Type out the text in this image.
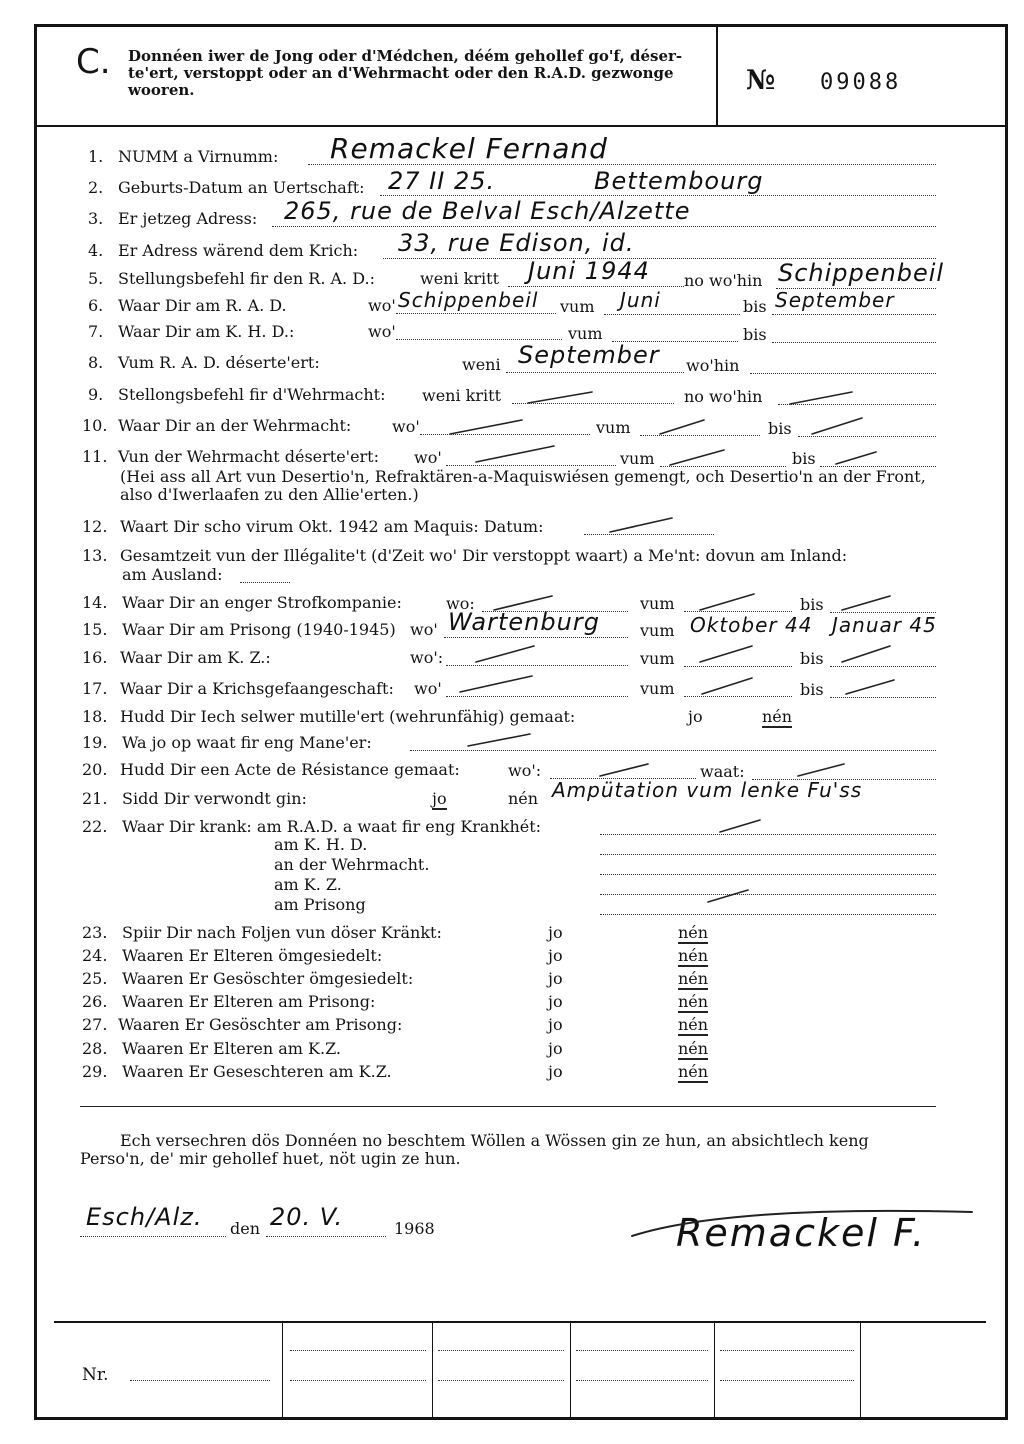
C. Donnéen iwer de Jong oder d'Médchen, déém gehollef go'f, déser-te'ert, verstoppt oder an d'Wehrmacht oder den R.A.D. gezwonge wooren.	№ 09088
1. NUMM a Virnumm: Remackel Fernand
2. Geburts-Datum an Uertschaft: 27 II 25.	Bettembourg
3. Er jetzeg Adress: 265, rue de Belval Esch/Alzette
4. Er Adress wärend dem Krich: 33, rue Edison, id.
5. Stellungsbefehl fir den R. A. D.:	weni kritt Juni 1944 no wo'hin Schippenbeil
6. Waar Dir am R. A. D.	wo' Schippenbeil vum Juni	bis September
7. Waar Dir am K. H. D.:	wo'	vum	bis
8. Vum R. A. D. déserte'ert:	weni September wo'hin
9. Stellongsbefehl fir d'Wehrmacht: weni kritt	no wo'hin
10. Waar Dir an der Wehrmacht:	wo'	vum	bis
11. Vun der Wehrmacht déserte'ert: wo'	vum	bis
(Hei ass all Art vun Desertio'n, Refraktären-a-Maquiswiésen gemengt, och Desertio'n an der Front, also d'Iwerlaafen zu den Allie'erten.)
12. Waart Dir scho virum Okt. 1942 am Maquis: Datum:
13. Gesamtzeit vun der Illégalite't (d'Zeit wo' Dir verstoppt waart) a Me'nt: dovun am Inland:
am Ausland:
14. Waar Dir an enger Strofkompanie:	wo:	vum	bis
15. Waar Dir am Prisong (1940-1945) wo' Wartenburg	vum Oktober 44 Januar 45
16. Waar Dir am K. Z.:	wo':	vum	bis
17. Waar Dir a Krichsgefaangeschaft: wo'	vum	bis
18. Hudd Dir Iech selwer mutille'ert (wehrunfähig) gemaat:	jo	nén
19. Wa jo op waat fir eng Mane'er:
20. Hudd Dir een Acte de Résistance gemaat:	wo':	waat:
21. Sidd Dir verwondt gin:	jo	nén Ampütation vum lenke Fu'ss
22. Waar Dir krank: am R.A.D. a waat fir eng Krankhét:
am K. H. D.
an der Wehrmacht.
am K. Z.
am Prisong
23. Spiir Dir nach Foljen vun döser Kränkt:	jo	nén
24. Waaren Er Elteren ömgesiedelt:	jo	nén
25. Waaren Er Gesöschter ömgesiedelt:	jo	nén
26. Waaren Er Elteren am Prisong:	jo	nén
27. Waaren Er Gesöschter am Prisong:	jo	nén
28. Waaren Er Elteren am K.Z.	jo	nén
29. Waaren Er Geseschteren am K.Z.	jo	nén
Ech versechren dös Donnéen no beschtem Wöllen a Wössen gin ze hun, an absichtlech keng Perso'n, de' mir gehollef huet, nöt ugin ze hun.
Esch/Alz. den 20. V.	1968	Remackel F.
Nr.
